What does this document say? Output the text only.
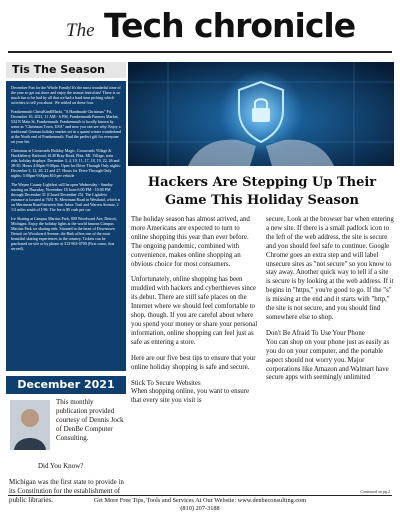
The Tech chronicle
Tis The Season

December Fun for the Whole Family!It's the most wonderful time of the year so get out there and enjoy the season festivities! There is so much fun to be had by all that we had a hard time picking which activities to tell you about. We settled on these four.

Frankenmuth ChristKindlMarkt, "A Handmade Christmas" Fri, December 10, 2021, 11 AM - 6 PM, Frankenmuth Farmers Market, 534 N Main St, Frankenmuth. Frankenmuth is locally known by some as "Christmas Town, USA" and now you can see why. Enjoy a traditional German holiday market set in a quaint winter wonderland at the North end of Frankenmuth. Find the perfect gift for everyone on your list.

Christmas at Crossroads Holiday Magic, Crossroads Village & Huckleberry Railroad, 6140 Bray Road, Flint, MI. Village, train ride, holiday displays. December 3, 4, 10, 11, 17, 18, 19, 22, 26 and 28-30. Hours 4:00pm-9:00pm. Open for Drive Through Only nights: December 5, 12, 20, 21 and 27. Hours for Drive Through Only nights: 5:00pm-9:00pm $10 per vehicle

The Wayne County Lightfest will be open Wednesday - Sunday starting on Thursday, November 18 from 6:00 PM - 10:00 PM through December 31 (Closed December 25). The Lightfest entrance is located at 7651 N. Merriman Road in Westland, which is on Merriman Road between Ann Arbor Trail and Warren Avenue, 2 1/2 miles south of I-96. The fee is $5 cash per car.

Ice Skating at Campus Martius Park, 800 Woodward Ave, Detroit, Michigan. Enjoy the holiday lights at the world famous Campus Martius Park ice skating rink. Situated in the heart of Downtown Detroit on Woodward Avenue, the Rink offers one of the most beautiful skating experiences in the country. Tickets can be purchased on-site or by phone at 313-963-0700 (First come, first served).

December 2021
This monthly publication provided courtesy of Dennis Jock of DenBe Computer Consulting.
Did You Know?
Michigan was the first state to provide in its Constitution for the establishment of public libraries.
Hackers Are Stepping Up Their Game This Holiday Season

The holiday season has almost arrived, and more Americans are expected to turn to online shopping this year than ever before. The ongoing pandemic, combined with convenience, makes online shopping an obvious choice for most consumers.

Unfortunately, online shopping has been muddied with hackers and cyberthieves since its debut. There are still safe places on the Internet where we should feel comfortable to shop, though. If you are careful about where you spend your money or share your personal information, online shopping can feel just as safe as entering a store.

Here are our five best tips to ensure that your online holiday shopping is safe and secure.

Stick To Secure Websites
When shopping online, you want to ensure that every site you visit is

secure. Look at the browser bar when entering a new site. If there is a small padlock icon to the left of the web address, the site is secure and you should feel safe to continue. Google Chrome goes an extra step and will label unsecure sites as "not secure" so you know to stay away. Another quick way to tell if a site is secure is by looking at the web address. If it begins in "https," you're good to go. If the "s" is missing at the end and it starts with "http," the site is not secure, and you should find somewhere else to shop.

Don't Be Afraid To Use Your Phone
You can shop on your phone just as easily as you do on your computer, and the portable aspect should not worry you. Major corporations like Amazon and Walmart have secure apps with seemingly unlimited

Continued on pg.2
Get More Free Tips, Tools and Services At Our Website: www.denbeconsulting.com
(810) 207-3188
